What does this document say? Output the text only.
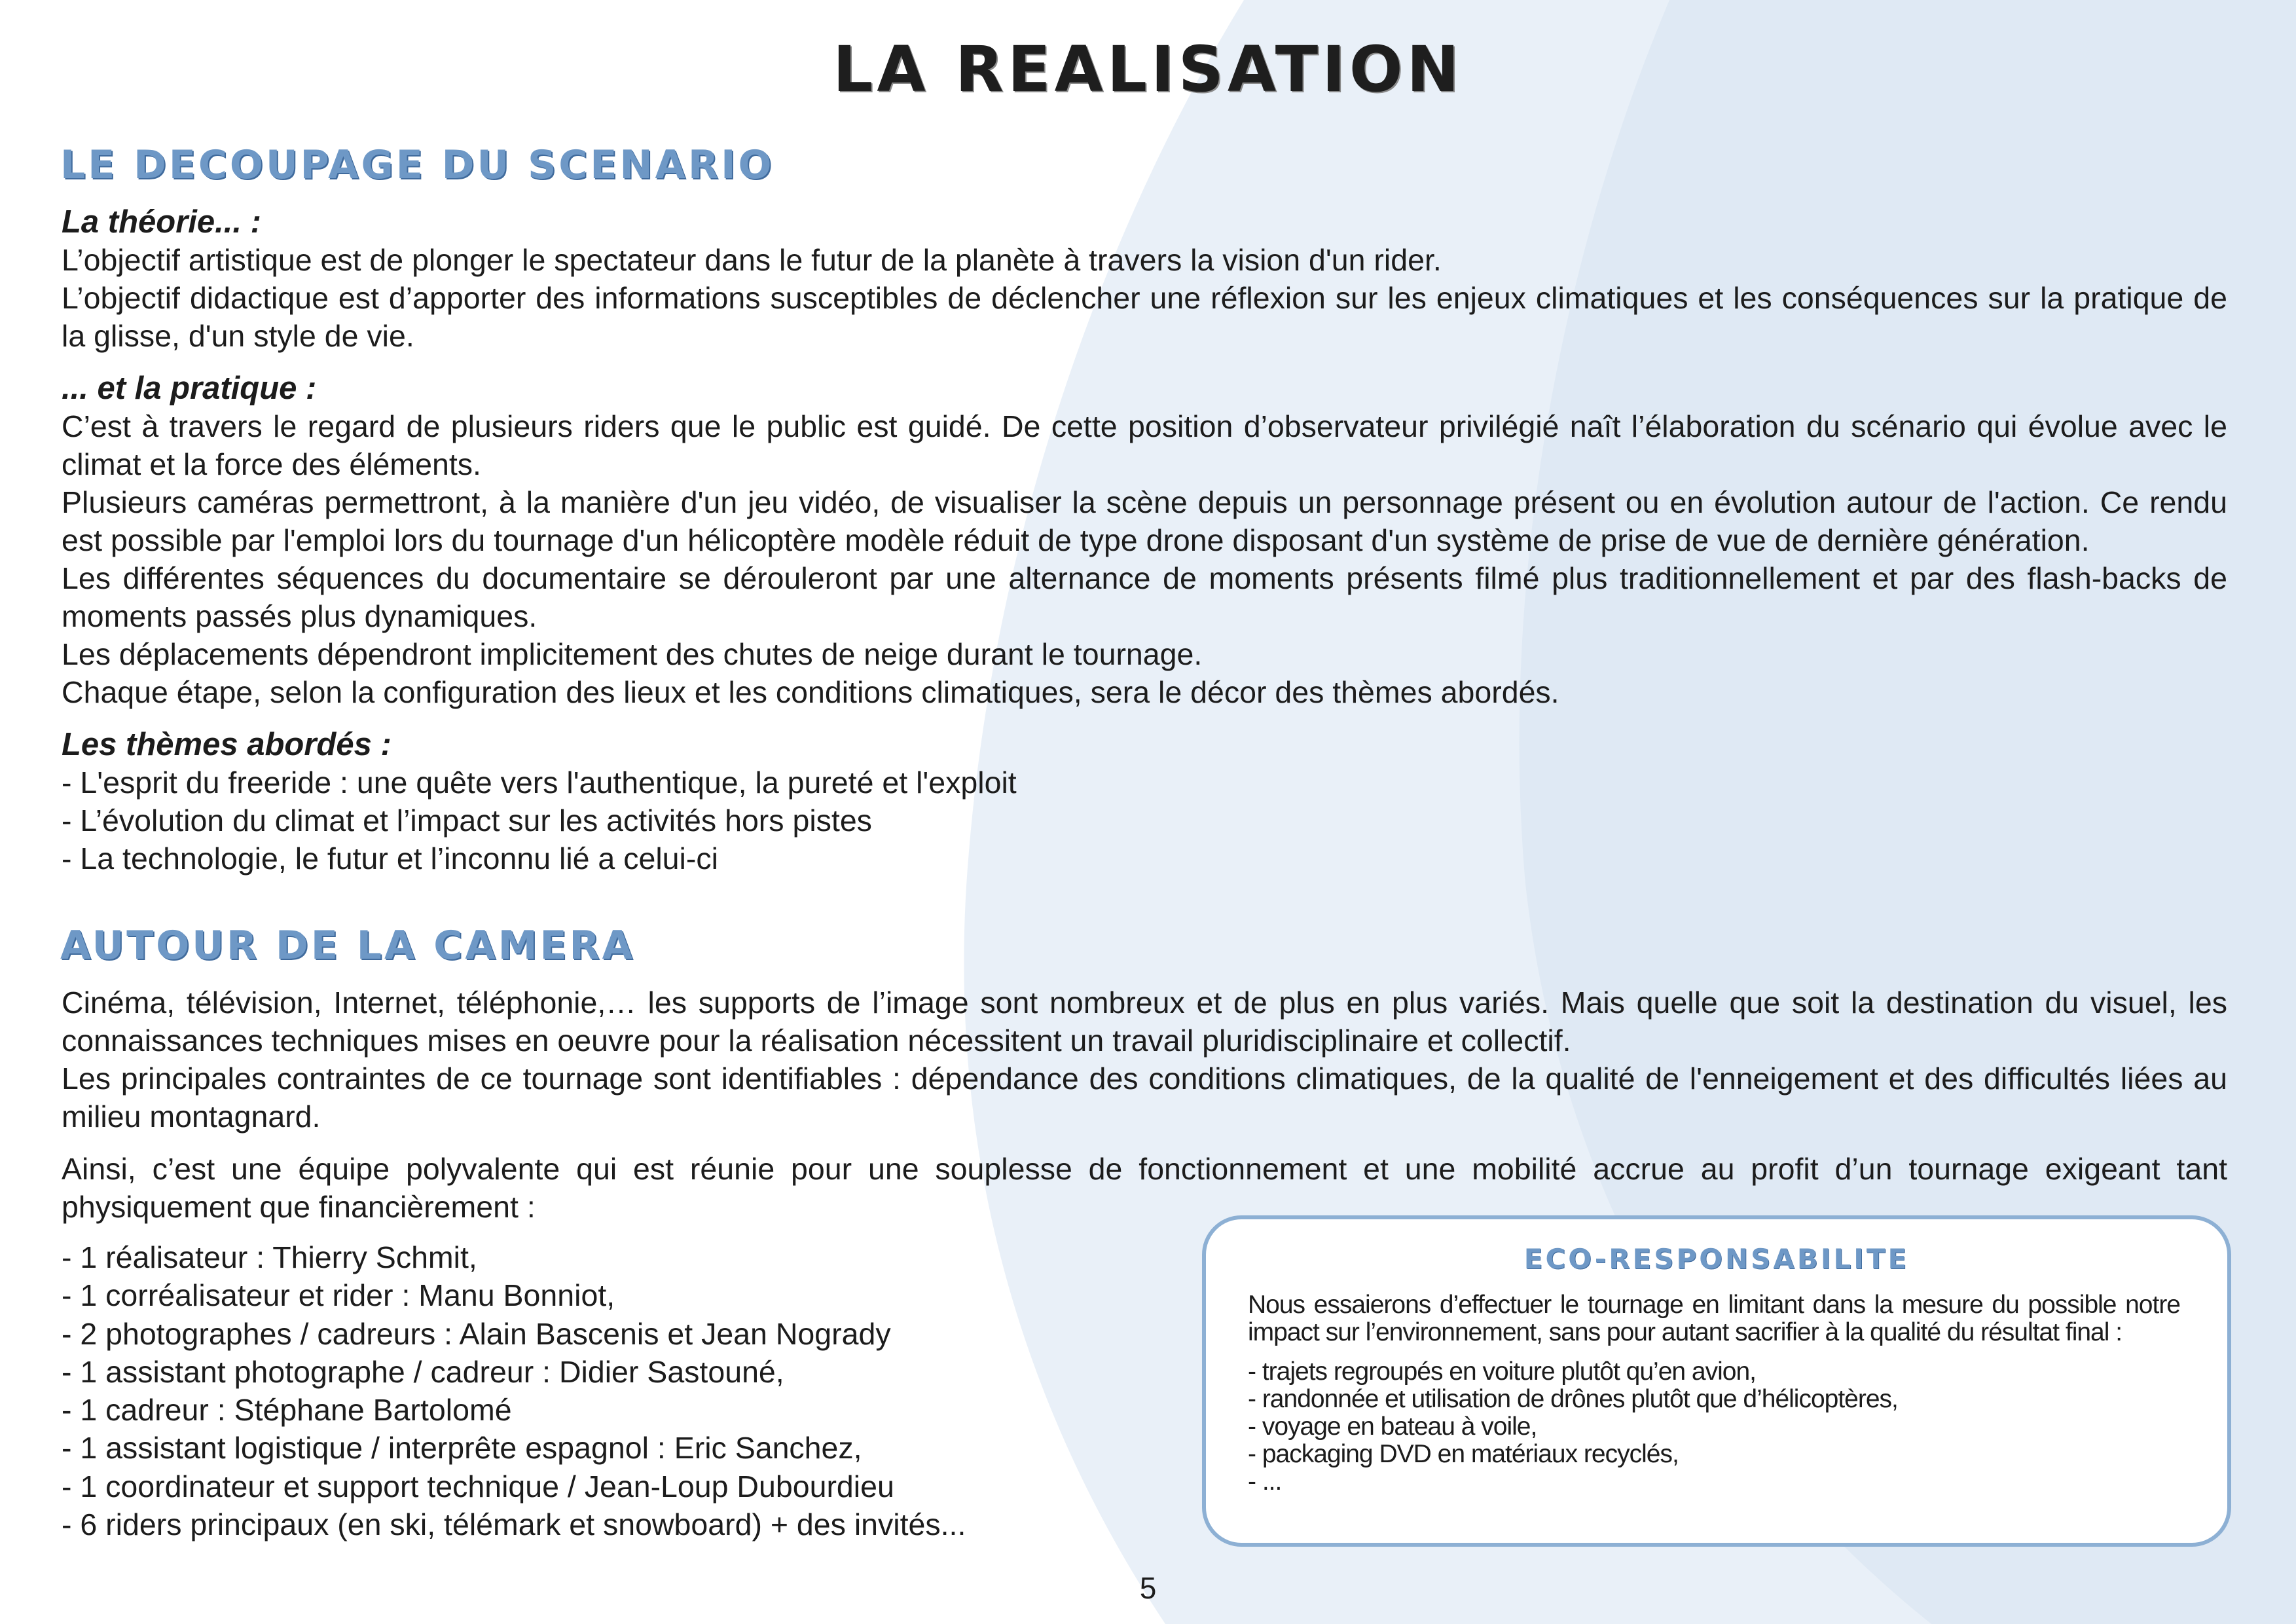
LA REALISATION
LE DECOUPAGE DU SCENARIO

La théorie... :

L’objectif artistique est de plonger le spectateur dans le futur de la planète à travers la vision d'un rider.

L’objectif didactique est d’apporter des informations susceptibles de déclencher une réflexion sur les enjeux climatiques et les conséquences sur la pratique de la glisse, d'un style de vie.

... et la pratique :

C’est à travers le regard de plusieurs riders que le public est guidé. De cette position d’observateur privilégié naît l’élaboration du scénario qui évolue avec le climat et la force des éléments.

Plusieurs caméras permettront, à la manière d'un jeu vidéo, de visualiser la scène depuis un personnage présent ou en évolution autour de l'action. Ce rendu est possible par l'emploi lors du tournage d'un hélicoptère modèle réduit de type drone disposant d'un système de prise de vue de dernière génération.

Les différentes séquences du documentaire se dérouleront par une alternance de moments présents filmé plus traditionnellement et par des flash-backs de moments passés plus dynamiques.

Les déplacements dépendront implicitement des chutes de neige durant le tournage.

Chaque étape, selon la configuration des lieux et les conditions climatiques, sera le décor des thèmes abordés.

Les thèmes abordés :

- L'esprit du freeride : une quête vers l'authentique, la pureté et l'exploit
- L’évolution du climat et l’impact sur les activités hors pistes
- La technologie, le futur et l’inconnu lié a celui-ci
AUTOUR DE LA CAMERA

Cinéma, télévision, Internet, téléphonie,… les supports de l’image sont nombreux et de plus en plus variés. Mais quelle que soit la destination du visuel, les connaissances techniques mises en oeuvre pour la réalisation nécessitent un travail pluridisciplinaire et collectif.

Les principales contraintes de ce tournage sont identifiables : dépendance des conditions climatiques, de la qualité de l'enneigement et des difficultés liées au milieu montagnard.

Ainsi, c’est une équipe polyvalente qui est réunie pour une souplesse de fonctionnement et une mobilité accrue au profit d’un tournage exigeant tant physiquement que financièrement :

- 1 réalisateur : Thierry Schmit,
- 1 corréalisateur et rider : Manu Bonniot,
- 2 photographes / cadreurs : Alain Bascenis et Jean Nogrady
- 1 assistant photographe / cadreur : Didier Sastouné,
- 1 cadreur : Stéphane Bartolomé
- 1 assistant logistique / interprête espagnol : Eric Sanchez,
- 1 coordinateur et support technique / Jean-Loup Dubourdieu
- 6 riders principaux (en ski, télémark et snowboard) + des invités...
ECO-RESPONSABILITE

Nous essaierons d’effectuer le tournage en limitant dans la mesure du possible notre impact sur l’environnement, sans pour autant sacrifier à la qualité du résultat final :

- trajets regroupés en voiture plutôt qu’en avion,
- randonnée et utilisation de drônes plutôt que d’hélicoptères,
- voyage en bateau à voile,
- packaging DVD en matériaux recyclés,
- ...
5
